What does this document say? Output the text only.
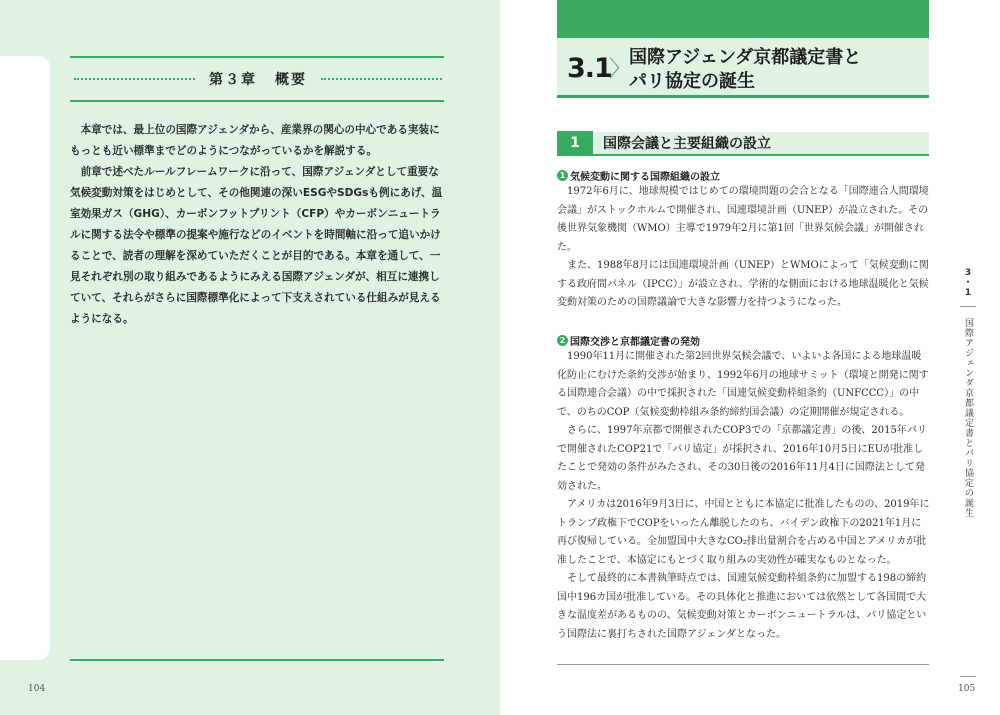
第３章 概要

　本章では、最上位の国際アジェンダから、産業界の関心の中心である実装にもっとも近い標準までどのようにつながっているかを解説する。

　前章で述べたルールフレームワークに沿って、国際アジェンダとして重要な気候変動対策をはじめとして、その他関連の深いESGやSDGsも例にあげ、温室効果ガス（GHG）、カーボンフットプリント（CFP）やカーボンニュートラルに関する法令や標準の提案や施行などのイベントを時間軸に沿って追いかけることで、読者の理解を深めていただくことが目的である。本章を通して、一見それぞれ別の取り組みであるようにみえる国際アジェンダが、相互に連携していて、それらがさらに国際標準化によって下支えされている仕組みが見えるようになる。

104
3.1
〉
国際アジェンダ京都議定書と
パリ協定の誕生
1	国際会議と主要組織の設立
1 気候変動に関する国際組織の設立

　1972年6月に、地球規模ではじめての環境問題の会合となる「国際連合人間環境会議」がストックホルムで開催され、国連環境計画（UNEP）が設立された。その後世界気象機関（WMO）主導で1979年2月に第1回「世界気候会議」が開催された。

　また、1988年8月には国連環境計画（UNEP）とWMOによって「気候変動に関する政府間パネル（IPCC）」が設立され、学術的な側面における地球温暖化と気候変動対策のための国際議論で大きな影響力を持つようになった。

2 国際交渉と京都議定書の発効

　1990年11月に開催された第2回世界気候会議で、いよいよ各国による地球温暖化防止にむけた条約交渉が始まり、1992年6月の地球サミット（環境と開発に関する国際連合会議）の中で採択された「国連気候変動枠組条約（UNFCCC）」の中で、のちのCOP（気候変動枠組み条約締約国会議）の定期開催が規定される。

　さらに、1997年京都で開催されたCOP3での「京都議定書」の後、2015年パリで開催されたCOP21で「パリ協定」が採択され、2016年10月5日にEUが批准したことで発効の条件がみたされ、その30日後の2016年11月4日に国際法として発効された。

　アメリカは2016年9月3日に、中国とともに本協定に批准したものの、2019年にトランプ政権下でCOPをいったん離脱したのち、バイデン政権下の2021年1月に再び復帰している。全加盟国中大きなCO₂排出量割合を占める中国とアメリカが批准したことで、本協定にもとづく取り組みの実効性が確実なものとなった。

　そして最終的に本書執筆時点では、国連気候変動枠組条約に加盟する198の締約国中196カ国が批准している。その具体化と推進においては依然として各国間で大きな温度差があるものの、気候変動対策とカーボンニュートラルは、パリ協定という国際法に裏打ちされた国際アジェンダとなった。

3
・
1
国際アジェンダ京都議定書とパリ協定の誕生
105
